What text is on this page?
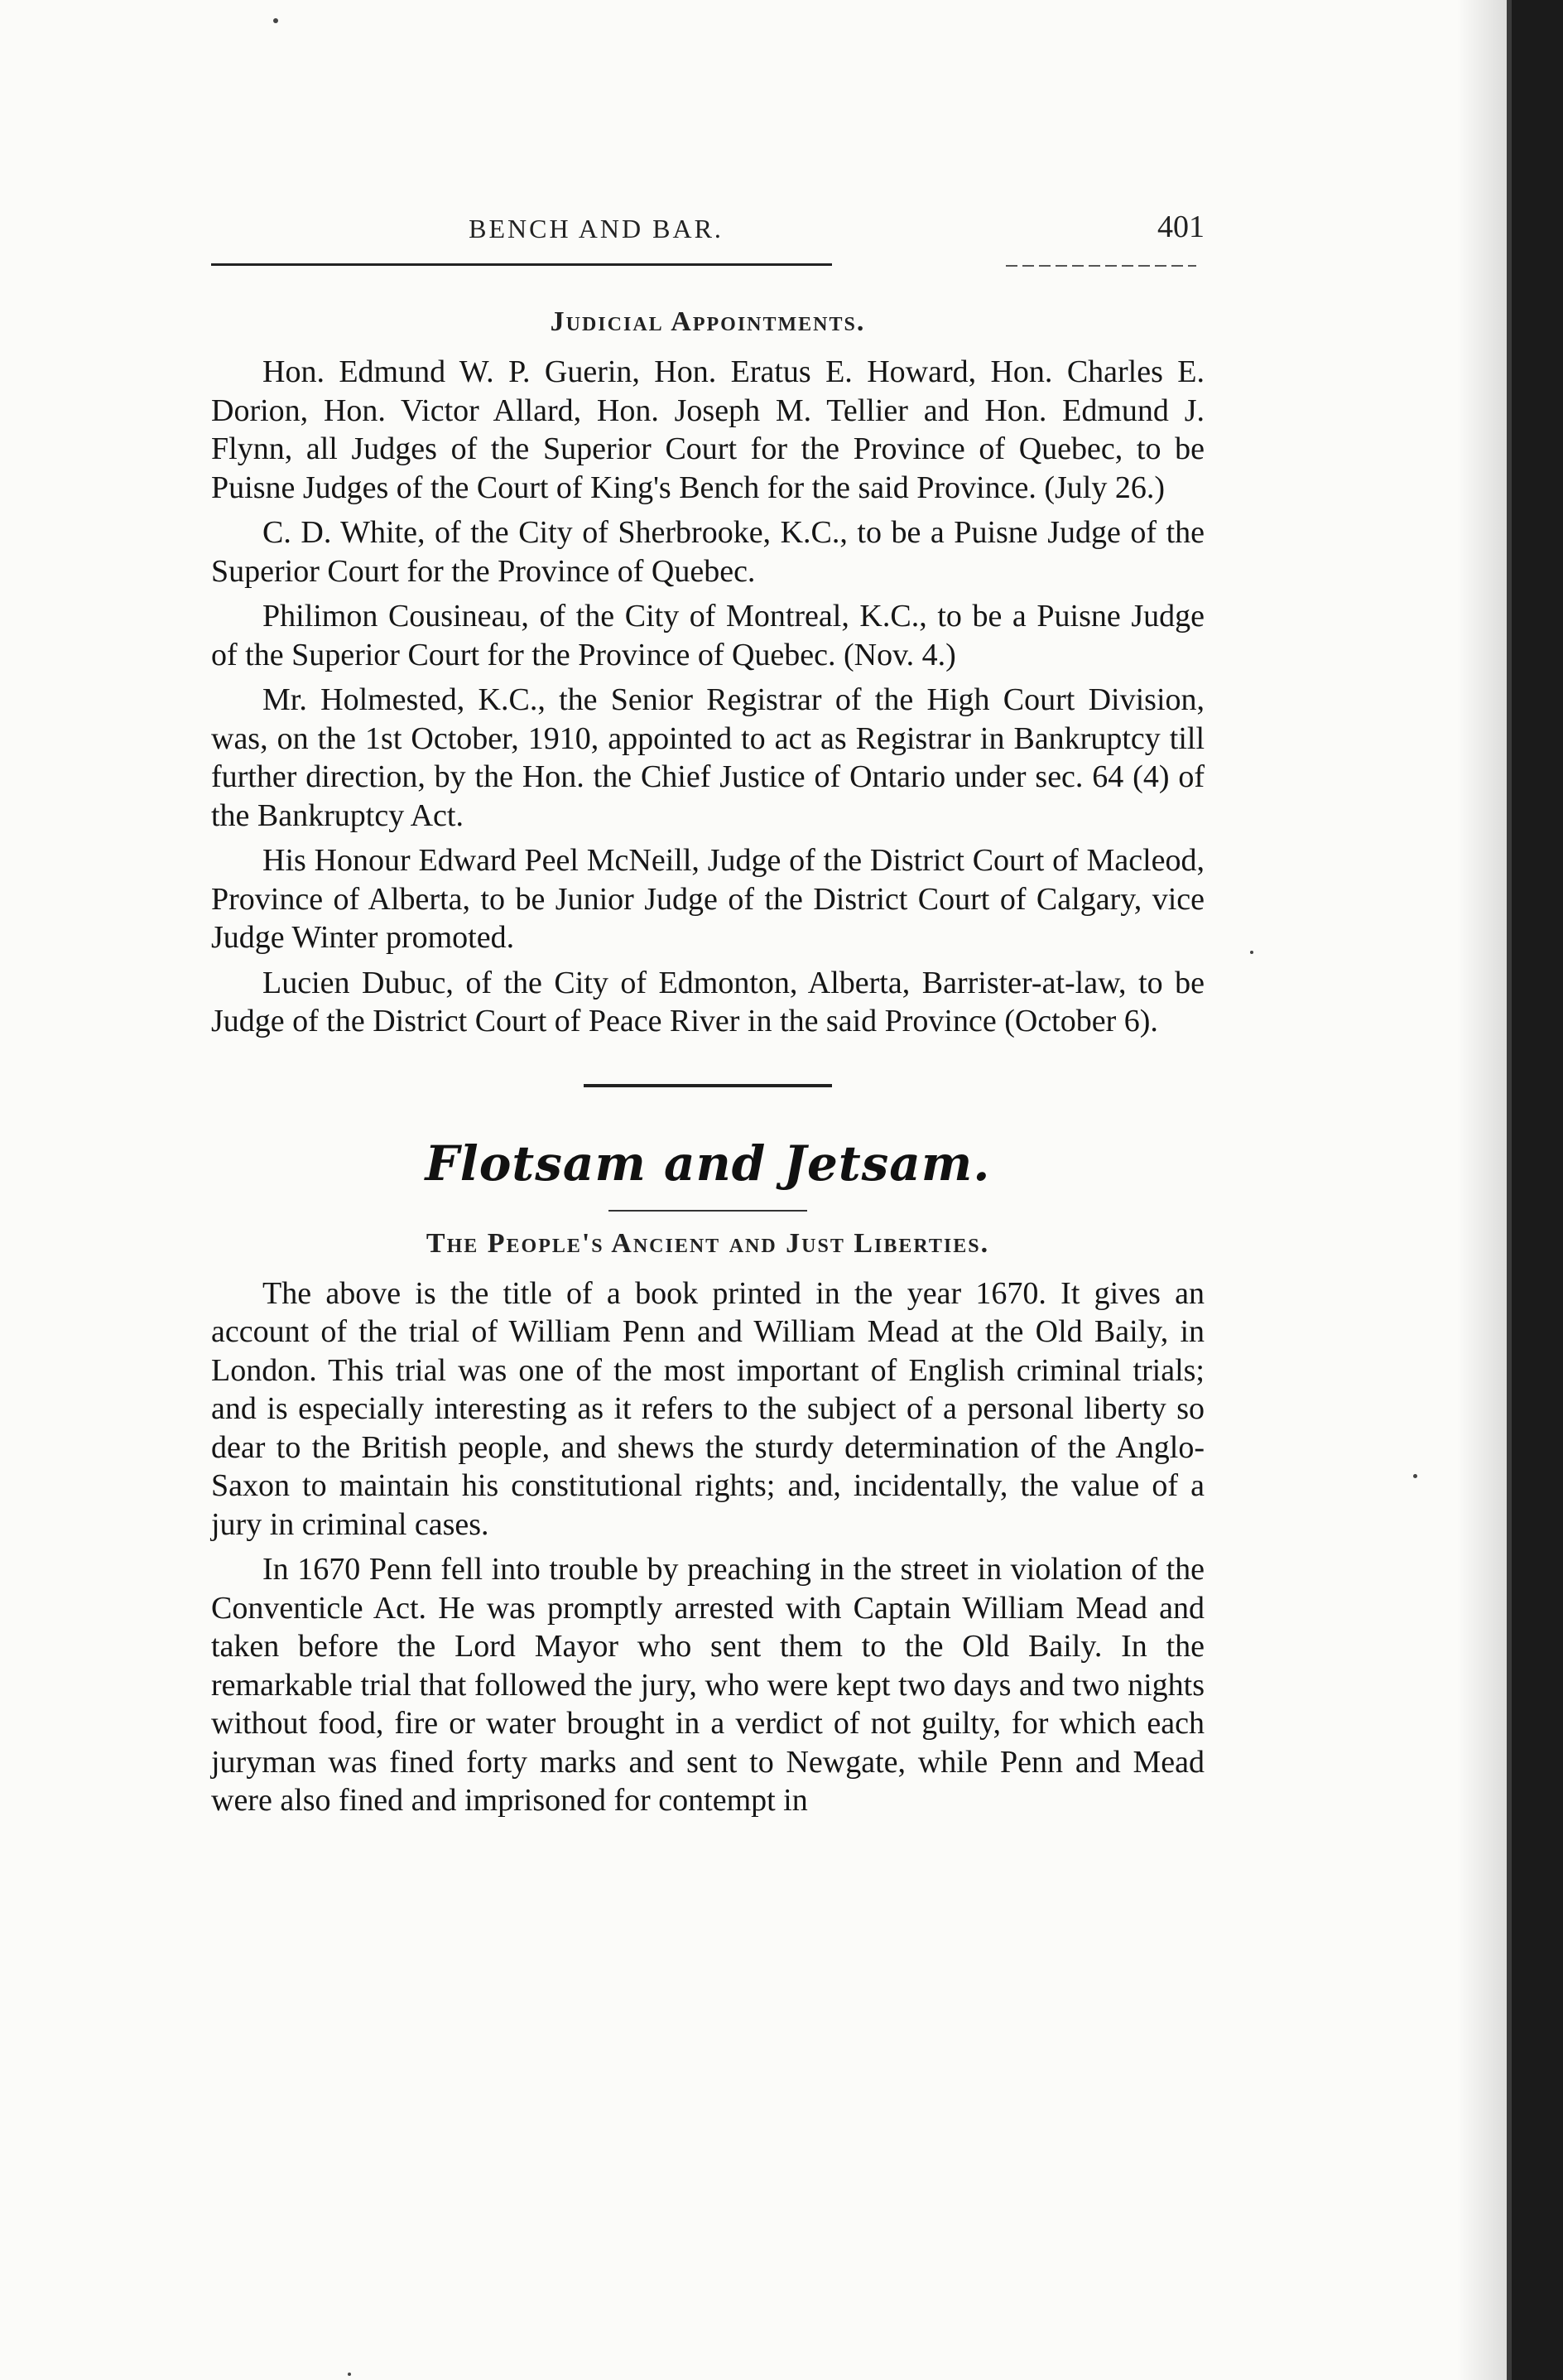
BENCH AND BAR.	401
Judicial Appointments.

Hon. Edmund W. P. Guerin, Hon. Eratus E. Howard, Hon. Charles E. Dorion, Hon. Victor Allard, Hon. Joseph M. Tellier and Hon. Edmund J. Flynn, all Judges of the Superior Court for the Province of Quebec, to be Puisne Judges of the Court of King's Bench for the said Province. (July 26.)

C. D. White, of the City of Sherbrooke, K.C., to be a Puisne Judge of the Superior Court for the Province of Quebec.

Philimon Cousineau, of the City of Montreal, K.C., to be a Puisne Judge of the Superior Court for the Province of Quebec. (Nov. 4.)

Mr. Holmested, K.C., the Senior Registrar of the High Court Division, was, on the 1st October, 1910, appointed to act as Registrar in Bankruptcy till further direction, by the Hon. the Chief Justice of Ontario under sec. 64 (4) of the Bankruptcy Act.

His Honour Edward Peel McNeill, Judge of the District Court of Macleod, Province of Alberta, to be Junior Judge of the District Court of Calgary, vice Judge Winter promoted.

Lucien Dubuc, of the City of Edmonton, Alberta, Barrister-at-law, to be Judge of the District Court of Peace River in the said Province (October 6).

Flotsam and Jetsam.
The People's Ancient and Just Liberties.

The above is the title of a book printed in the year 1670. It gives an account of the trial of William Penn and William Mead at the Old Baily, in London. This trial was one of the most important of English criminal trials; and is especially interesting as it refers to the subject of a personal liberty so dear to the British people, and shews the sturdy determination of the Anglo-Saxon to maintain his constitutional rights; and, incidentally, the value of a jury in criminal cases.

In 1670 Penn fell into trouble by preaching in the street in violation of the Conventicle Act. He was promptly arrested with Captain William Mead and taken before the Lord Mayor who sent them to the Old Baily. In the remarkable trial that followed the jury, who were kept two days and two nights without food, fire or water brought in a verdict of not guilty, for which each juryman was fined forty marks and sent to Newgate, while Penn and Mead were also fined and imprisoned for contempt in
